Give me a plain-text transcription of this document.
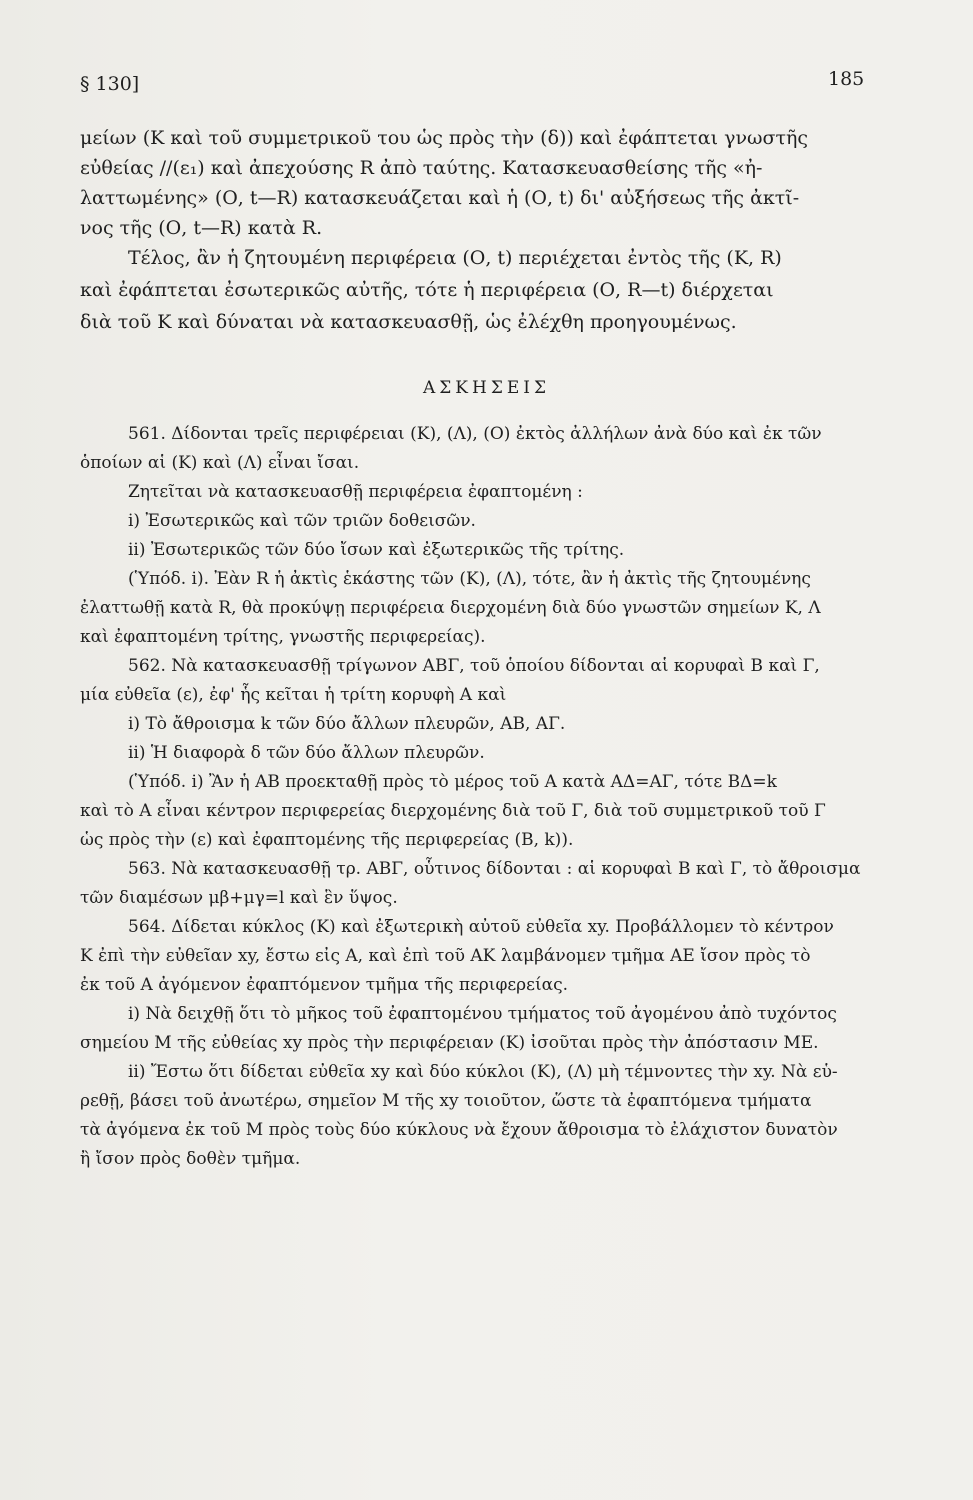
§ 130]	185
μείων (Κ καὶ τοῦ συμμετρικοῦ του ὡς πρὸς τὴν (δ)) καὶ ἐφάπτεται γνωστῆς
εὐθείας //(ε₁) καὶ ἀπεχούσης R ἀπὸ ταύτης. Κατασκευασθείσης τῆς «ἠ-
λαττωμένης» (Ο, t—R) κατασκευάζεται καὶ ἡ (Ο, t) δι' αὐξήσεως τῆς ἀκτῖ-
νος τῆς (Ο, t—R) κατὰ R.
Τέλος, ἂν ἡ ζητουμένη περιφέρεια (Ο, t) περιέχεται ἐντὸς τῆς (Κ, R)
καὶ ἐφάπτεται ἐσωτερικῶς αὐτῆς, τότε ἡ περιφέρεια (Ο, R—t) διέρχεται
διὰ τοῦ Κ καὶ δύναται νὰ κατασκευασθῇ, ὡς ἐλέχθη προηγουμένως.
ΑΣΚΗΣΕΙΣ
561. Δίδονται τρεῖς περιφέρειαι (Κ), (Λ), (Ο) ἐκτὸς ἀλλήλων ἀνὰ δύο καὶ ἐκ τῶν
ὁποίων αἱ (Κ) καὶ (Λ) εἶναι ἴσαι.
Ζητεῖται νὰ κατασκευασθῇ περιφέρεια ἐφαπτομένη :
i) Ἐσωτερικῶς καὶ τῶν τριῶν δοθεισῶν.
ii) Ἐσωτερικῶς τῶν δύο ἴσων καὶ ἐξωτερικῶς τῆς τρίτης.
(Ὑπόδ. i). Ἐὰν R ἡ ἀκτὶς ἑκάστης τῶν (Κ), (Λ), τότε, ἂν ἡ ἀκτὶς τῆς ζητουμένης
ἐλαττωθῇ κατὰ R, θὰ προκύψῃ περιφέρεια διερχομένη διὰ δύο γνωστῶν σημείων Κ, Λ
καὶ ἐφαπτομένη τρίτης, γνωστῆς περιφερείας).
562. Νὰ κατασκευασθῇ τρίγωνον ΑΒΓ, τοῦ ὁποίου δίδονται αἱ κορυφαὶ Β καὶ Γ,
μία εὐθεῖα (ε), ἐφ' ἧς κεῖται ἡ τρίτη κορυφὴ Α καὶ
i) Τὸ ἄθροισμα k τῶν δύο ἄλλων πλευρῶν, ΑΒ, ΑΓ.
ii) Ἡ διαφορὰ δ τῶν δύο ἄλλων πλευρῶν.
(Ὑπόδ. i) Ἂν ἡ ΑΒ προεκταθῇ πρὸς τὸ μέρος τοῦ Α κατὰ ΑΔ=ΑΓ, τότε ΒΔ=k
καὶ τὸ Α εἶναι κέντρον περιφερείας διερχομένης διὰ τοῦ Γ, διὰ τοῦ συμμετρικοῦ τοῦ Γ
ὡς πρὸς τὴν (ε) καὶ ἐφαπτομένης τῆς περιφερείας (Β, k)).
563. Νὰ κατασκευασθῇ τρ. ΑΒΓ, οὗτινος δίδονται : αἱ κορυφαὶ Β καὶ Γ, τὸ ἄθροισμα
τῶν διαμέσων μβ+μγ=l καὶ ἓν ὕψος.
564. Δίδεται κύκλος (Κ) καὶ ἐξωτερικὴ αὐτοῦ εὐθεῖα xy. Προβάλλομεν τὸ κέντρον
Κ ἐπὶ τὴν εὐθεῖαν xy, ἔστω εἰς Α, καὶ ἐπὶ τοῦ ΑΚ λαμβάνομεν τμῆμα ΑΕ ἴσον πρὸς τὸ
ἐκ τοῦ Α ἀγόμενον ἐφαπτόμενον τμῆμα τῆς περιφερείας.
i) Νὰ δειχθῇ ὅτι τὸ μῆκος τοῦ ἐφαπτομένου τμήματος τοῦ ἀγομένου ἀπὸ τυχόντος
σημείου Μ τῆς εὐθείας xy πρὸς τὴν περιφέρειαν (Κ) ἰσοῦται πρὸς τὴν ἀπόστασιν ΜΕ.
ii) Ἔστω ὅτι δίδεται εὐθεῖα xy καὶ δύο κύκλοι (Κ), (Λ) μὴ τέμνοντες τὴν xy. Νὰ εὑ-
ρεθῇ, βάσει τοῦ ἀνωτέρω, σημεῖον Μ τῆς xy τοιοῦτον, ὥστε τὰ ἐφαπτόμενα τμήματα
τὰ ἀγόμενα ἐκ τοῦ Μ πρὸς τοὺς δύο κύκλους νὰ ἔχουν ἄθροισμα τὸ ἐλάχιστον δυνατὸν
ἢ ἴσον πρὸς δοθὲν τμῆμα.
